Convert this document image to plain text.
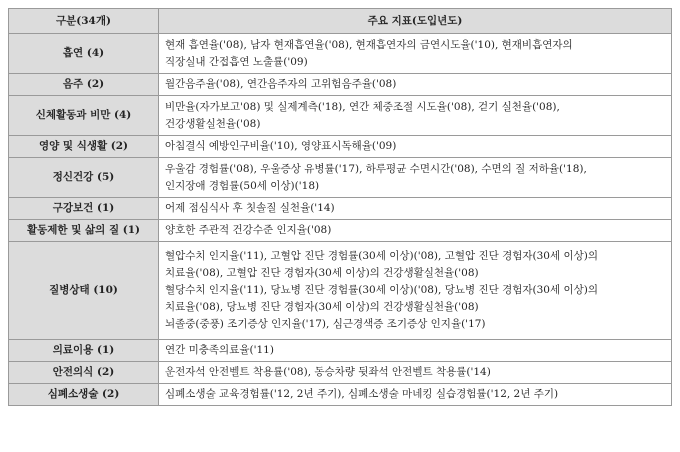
구분(34개)	주요 지표(도입년도)
흡연 (4)	현재 흡연율('08), 남자 현재흡연율('08), 현재흡연자의 금연시도율('10), 현재비흡연자의
직장실내 간접흡연 노출률('09)

음주 (2)	월간음주율('08), 연간음주자의 고위험음주율('08)

신체활동과 비만 (4)	비만율(자가보고'08) 및 실제계측('18), 연간 체중조절 시도율('08), 걷기 실천율('08),
건강생활실천율('08)

영양 및 식생활 (2)	아침결식 예방인구비율('10), 영양표시독해율('09)

정신건강 (5)	우울감 경험률('08), 우울증상 유병률('17), 하루평균 수면시간('08), 수면의 질 저하율('18),
인지장애 경험률(50세 이상)('18)

구강보건 (1)	어제 점심식사 후 칫솔질 실천율('14)

활동제한 및 삶의 질 (1)	양호한 주관적 건강수준 인지율('08)

질병상태 (10)	혈압수치 인지율('11), 고혈압 진단 경험률(30세 이상)('08), 고혈압 진단 경험자(30세 이상)의
치료율('08), 고혈압 진단 경험자(30세 이상)의 건강생활실천율('08)
혈당수치 인지율('11), 당뇨병 진단 경험률(30세 이상)('08), 당뇨병 진단 경험자(30세 이상)의
치료율('08), 당뇨병 진단 경험자(30세 이상)의 건강생활실천율('08)
뇌졸중(중풍) 조기증상 인지율('17), 심근경색증 조기증상 인지율('17)

의료이용 (1)	연간 미충족의료율('11)

안전의식 (2)	운전자석 안전벨트 착용률('08), 동승차량 뒷좌석 안전벨트 착용률('14)

심폐소생술 (2)	심폐소생술 교육경험률('12, 2년 주기), 심폐소생술 마네킹 실습경험률('12, 2년 주기)
